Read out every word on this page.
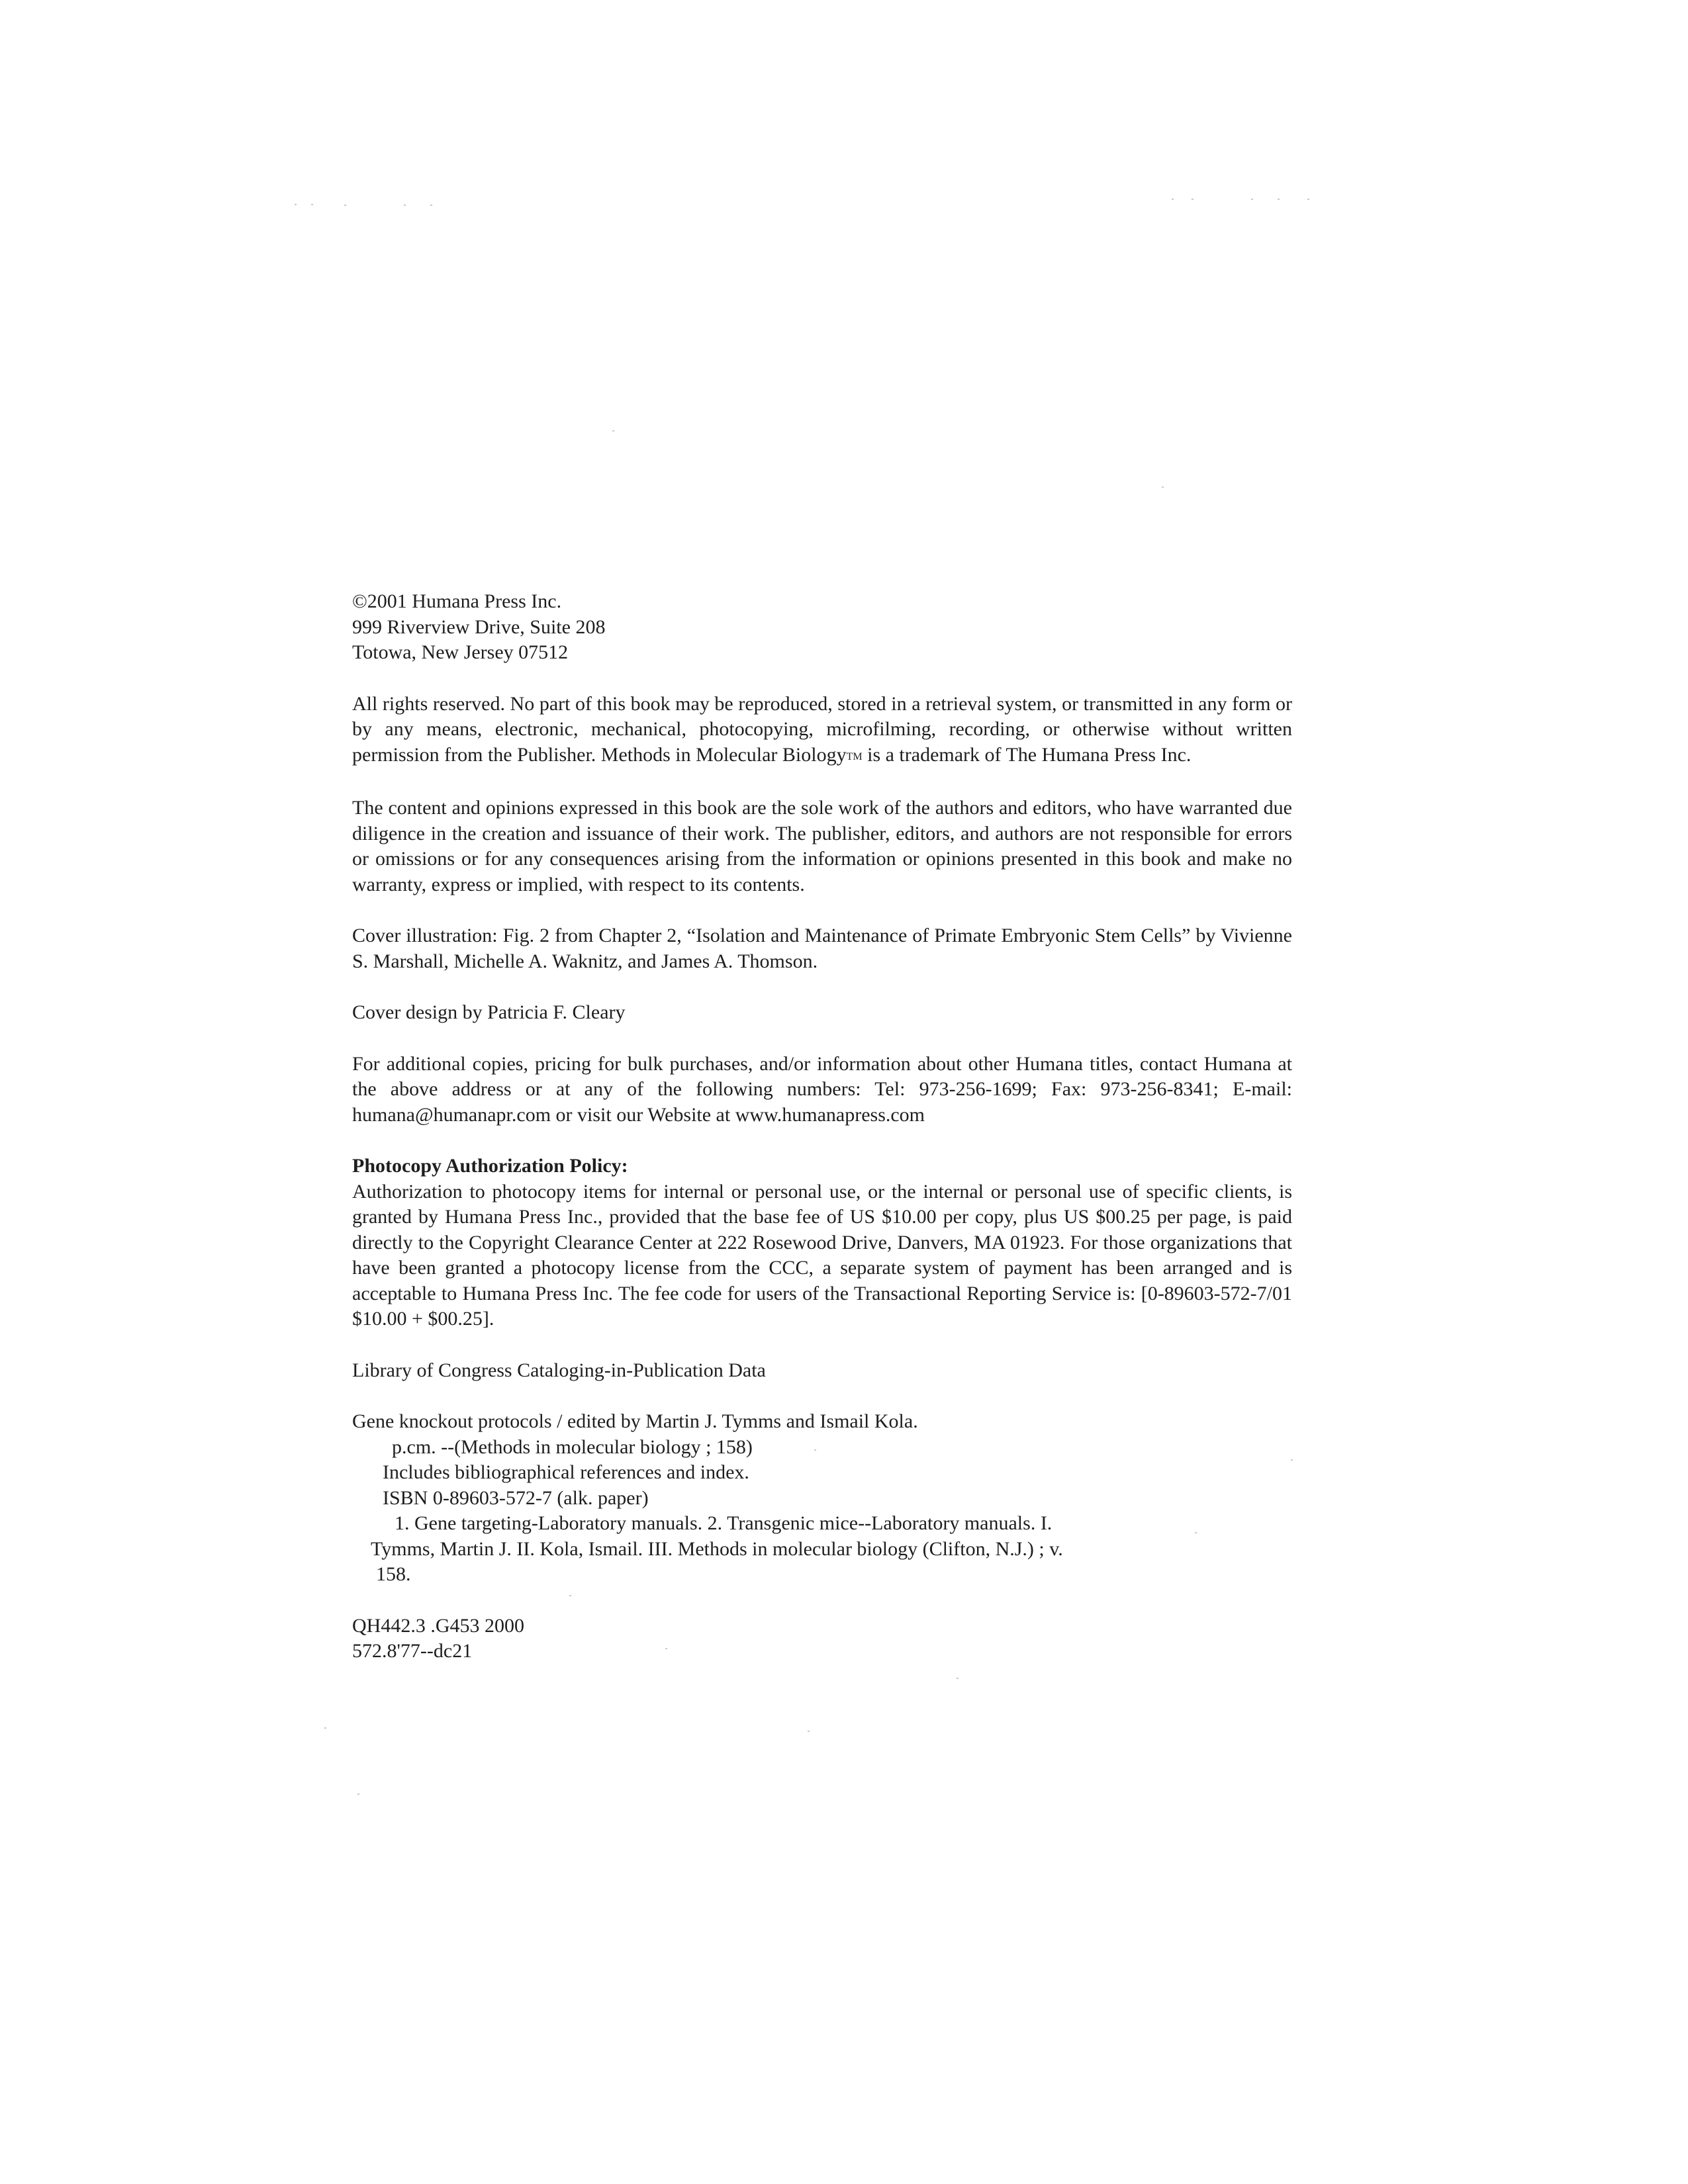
©2001 Humana Press Inc.
999 Riverview Drive, Suite 208
Totowa, New Jersey 07512

All rights reserved. No part of this book may be reproduced, stored in a retrieval system, or transmitted in any form or by any means, electronic, mechanical, photocopying, microfilming, recording, or otherwise without written permission from the Publisher. Methods in Molecular BiologyTM is a trademark of The Humana Press Inc.

The content and opinions expressed in this book are the sole work of the authors and editors, who have warranted due diligence in the creation and issuance of their work. The publisher, editors, and authors are not responsible for errors or omissions or for any consequences arising from the information or opinions presented in this book and make no warranty, express or implied, with respect to its contents.

Cover illustration: Fig. 2 from Chapter 2, “Isolation and Maintenance of Primate Embryonic Stem Cells” by Vivienne S. Marshall, Michelle A. Waknitz, and James A. Thomson.

Cover design by Patricia F. Cleary

For additional copies, pricing for bulk purchases, and/or information about other Humana titles, contact Humana at the above address or at any of the following numbers: Tel: 973-256-1699; Fax: 973-256-8341; E-mail: humana@humanapr.com or visit our Website at www.humanapress.com

Photocopy Authorization Policy:

Authorization to photocopy items for internal or personal use, or the internal or personal use of specific clients, is granted by Humana Press Inc., provided that the base fee of US $10.00 per copy, plus US $00.25 per page, is paid directly to the Copyright Clearance Center at 222 Rosewood Drive, Danvers, MA 01923. For those organizations that have been granted a photocopy license from the CCC, a separate system of payment has been arranged and is acceptable to Humana Press Inc. The fee code for users of the Transactional Reporting Service is: [0-89603-572-7/01 $10.00 + $00.25].

Library of Congress Cataloging-in-Publication Data
Gene knockout protocols / edited by Martin J. Tymms and Ismail Kola.
p.cm. --(Methods in molecular biology ; 158)
Includes bibliographical references and index.
ISBN 0-89603-572-7 (alk. paper)
1. Gene targeting-Laboratory manuals. 2. Transgenic mice--Laboratory manuals. I.
Tymms, Martin J. II. Kola, Ismail. III. Methods in molecular biology (Clifton, N.J.) ; v.
158.
QH442.3 .G453 2000
572.8'77--dc21
